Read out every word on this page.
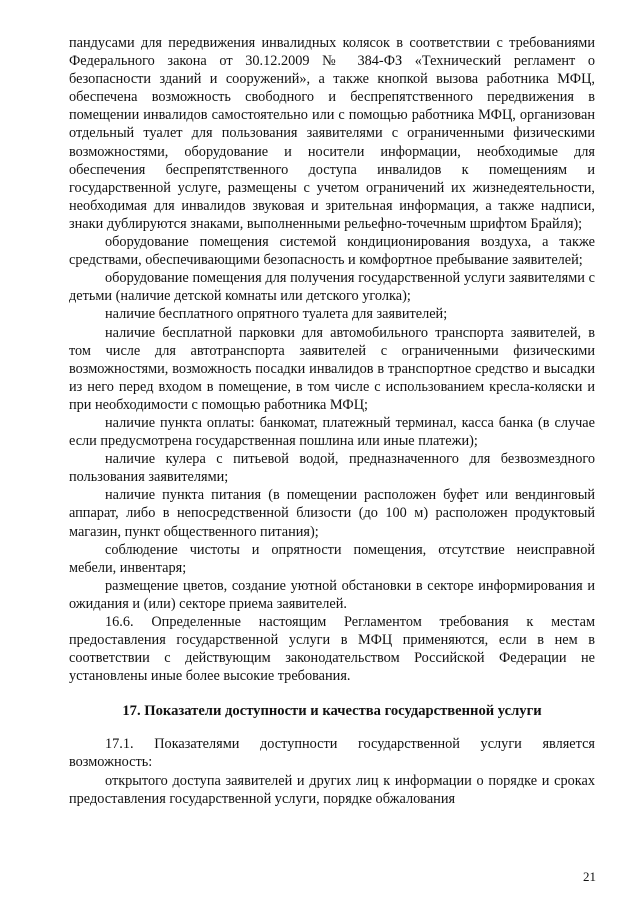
пандусами для передвижения инвалидных колясок в соответствии с требованиями Федерального закона от 30.12.2009 № 384-ФЗ «Технический регламент о безопасности зданий и сооружений», а также кнопкой вызова работника МФЦ, обеспечена возможность свободного и беспрепятственного передвижения в помещении инвалидов самостоятельно или с помощью работника МФЦ, организован отдельный туалет для пользования заявителями с ограниченными физическими возможностями, оборудование и носители информации, необходимые для обеспечения беспрепятственного доступа инвалидов к помещениям и государственной услуге, размещены с учетом ограничений их жизнедеятельности, необходимая для инвалидов звуковая и зрительная информация, а также надписи, знаки дублируются знаками, выполненными рельефно-точечным шрифтом Брайля);

оборудование помещения системой кондиционирования воздуха, а также средствами, обеспечивающими безопасность и комфортное пребывание заявителей;

оборудование помещения для получения государственной услуги заявителями с детьми (наличие детской комнаты или детского уголка);

наличие бесплатного опрятного туалета для заявителей;

наличие бесплатной парковки для автомобильного транспорта заявителей, в том числе для автотранспорта заявителей с ограниченными физическими возможностями, возможность посадки инвалидов в транспортное средство и высадки из него перед входом в помещение, в том числе с использованием кресла-коляски и при необходимости с помощью работника МФЦ;

наличие пункта оплаты: банкомат, платежный терминал, касса банка (в случае если предусмотрена государственная пошлина или иные платежи);

наличие кулера с питьевой водой, предназначенного для безвозмездного пользования заявителями;

наличие пункта питания (в помещении расположен буфет или вендинговый аппарат, либо в непосредственной близости (до 100 м) расположен продуктовый магазин, пункт общественного питания);

соблюдение чистоты и опрятности помещения, отсутствие неисправной мебели, инвентаря;

размещение цветов, создание уютной обстановки в секторе информирования и ожидания и (или) секторе приема заявителей.

16.6. Определенные настоящим Регламентом требования к местам предоставления государственной услуги в МФЦ применяются, если в нем в соответствии с действующим законодательством Российской Федерации не установлены иные более высокие требования.

17. Показатели доступности и качества государственной услуги

17.1. Показателями доступности государственной услуги является возможность:

открытого доступа заявителей и других лиц к информации о порядке и сроках предоставления государственной услуги, порядке обжалования

21
